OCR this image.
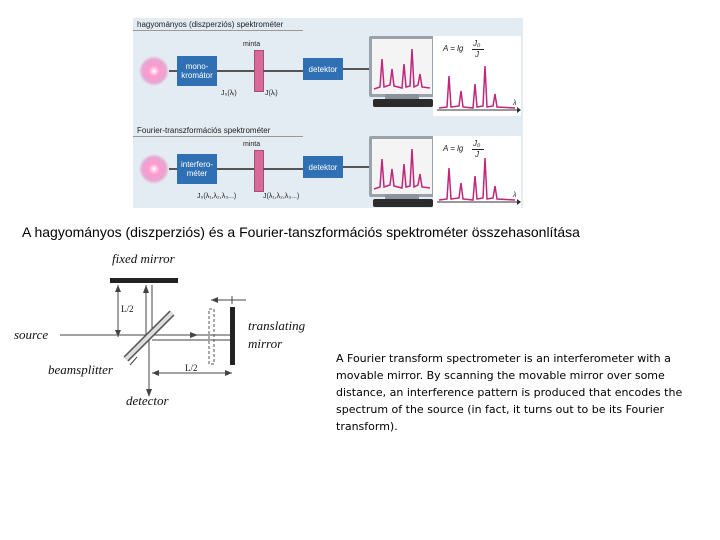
hagyományos (diszperziós) spektrométer
mono-
kromátor
minta
detektor
J₀(λᵢ)	J(λᵢ)
Fourier-transzformációs spektrométer
interfero-
méter
minta
detektor
J₀(λ₁,λ₂,λ₃...)	J(λ₁,λ₂,λ₃...)
A = lg
J₀
J
λ
A = lg
J₀
J
λ
A hagyományos (diszperziós) és a Fourier-tanszformációs spektrométer összehasonlítása
fixed mirror
source
beamsplitter
detector
translating
mirror
L/2
L/2
A Fourier transform spectrometer is an interferometer with a movable mirror. By scanning the movable mirror over some distance, an interference pattern is produced that encodes the spectrum of the source (in fact, it turns out to be its Fourier transform).
